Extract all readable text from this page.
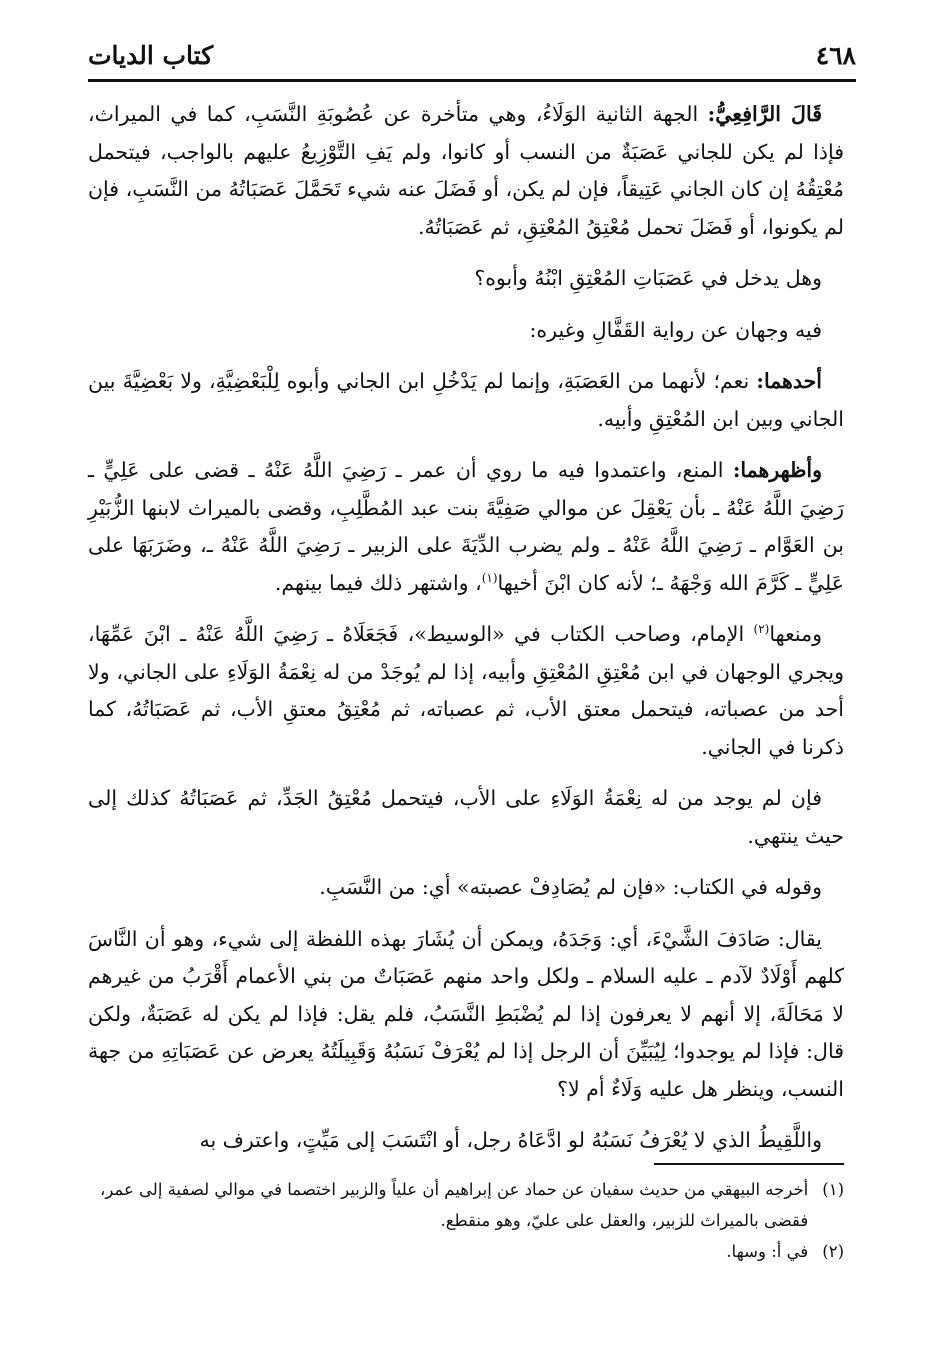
٤٦٨
كتاب الديات

قَالَ الرَّافِعِيُّ: الجهة الثانية الوَلَاءُ، وهي متأخرة عن عُصُوبَةِ النَّسَبِ، كما في الميراث، فإذا لم يكن للجاني عَصَبَةٌ من النسب أو كانوا، ولم يَفِ التَّوْزِيعُ عليهم بالواجب، فيتحمل مُعْتِقُهُ إن كان الجاني عَتِيقاً، فإن لم يكن، أو فَضَلَ عنه شيء تَحَمَّلَ عَصَبَاتُهُ من النَّسَبِ، فإن لم يكونوا، أو فَضَلَ تحمل مُعْتِقُ المُعْتِقِ، ثم عَصَبَاتُهُ.

وهل يدخل في عَصَبَاتِ المُعْتِقِ ابْنُهُ وأبوه؟

فيه وجهان عن رواية القَفَّالِ وغيره:

أحدهما: نعم؛ لأنهما من العَصَبَةِ، وإنما لم يَدْخُلِ ابن الجاني وأبوه لِلْبَعْضِيَّةِ، ولا بَعْضِيَّةَ بين الجاني وبين ابن المُعْتِقِ وأبيه.

وأظهرهما: المنع، واعتمدوا فيه ما روي أن عمر ـ رَضِيَ اللَّهُ عَنْهُ ـ قضى على عَلِيٍّ ـ رَضِيَ اللَّهُ عَنْهُ ـ بأن يَعْقِلَ عن موالي صَفِيَّةَ بنت عبد المُطَّلِبِ، وقضى بالميراث لابنها الزُّبَيْرِ بن العَوَّام ـ رَضِيَ اللَّهُ عَنْهُ ـ ولم يضرب الدِّيَةَ على الزبير ـ رَضِيَ اللَّهُ عَنْهُ ـ، وضَرَبَهَا على عَلِيٍّ ـ كَرَّمَ الله وَجْهَهُ ـ؛ لأنه كان ابْنَ أخيها$^{(١)}$، واشتهر ذلك فيما بينهم.

ومنعها$^{(٢)}$ الإمام، وصاحب الكتاب في «الوسيط»، فَجَعَلَاهُ ـ رَضِيَ اللَّهُ عَنْهُ ـ ابْنَ عَمِّهَا، ويجري الوجهان في ابن مُعْتِقِ المُعْتِقِ وأبيه، إذا لم يُوجَدْ من له نِعْمَةُ الوَلَاءِ على الجاني، ولا أحد من عصباته، فيتحمل معتق الأب، ثم عصباته، ثم مُعْتِقُ معتقِ الأب، ثم عَصَبَاتُهُ، كما ذكرنا في الجاني.

فإن لم يوجد من له نِعْمَةُ الوَلَاءِ على الأب، فيتحمل مُعْتِقُ الجَدِّ، ثم عَصَبَاتُهُ كذلك إلى حيث ينتهي.

وقوله في الكتاب: «فإن لم يُصَادِفْ عصبته» أي: من النَّسَبِ.

يقال: صَادَفَ الشَّيْءَ، أي: وَجَدَهُ، ويمكن أن يُشَارَ بهذه اللفظة إلى شيء، وهو أن النَّاسَ كلهم أَوْلَادٌ لآدم ـ عليه السلام ـ ولكل واحد منهم عَصَبَاتٌ من بني الأعمام أَقْرَبُ من غيرهم لا مَحَالَةَ، إلا أنهم لا يعرفون إذا لم يُضْبَطِ النَّسَبُ، فلم يقل: فإذا لم يكن له عَصَبَةٌ، ولكن قال: فإذا لم يوجدوا؛ لِيُبَيِّنَ أن الرجل إذا لم يُعْرَفْ نَسَبُهُ وَقَبِيلَتُهُ يعرض عن عَصَبَاتِهِ من جهة النسب، وينظر هل عليه وَلَاءٌ أم لا؟

واللَّقِيطُ الذي لا يُعْرَفُ نَسَبُهُ لو ادَّعَاهُ رجل، أو انْتَسَبَ إلى مَيِّتٍ، واعترف به

(١)
أخرجه البيهقي من حديث سفيان عن حماد عن إبراهيم أن علياً والزبير اختصما في موالي لصفية إلى عمر، فقضى بالميراث للزبير، والعقل على عليّ، وهو منقطع.
(٢)
في أ: وسها.
